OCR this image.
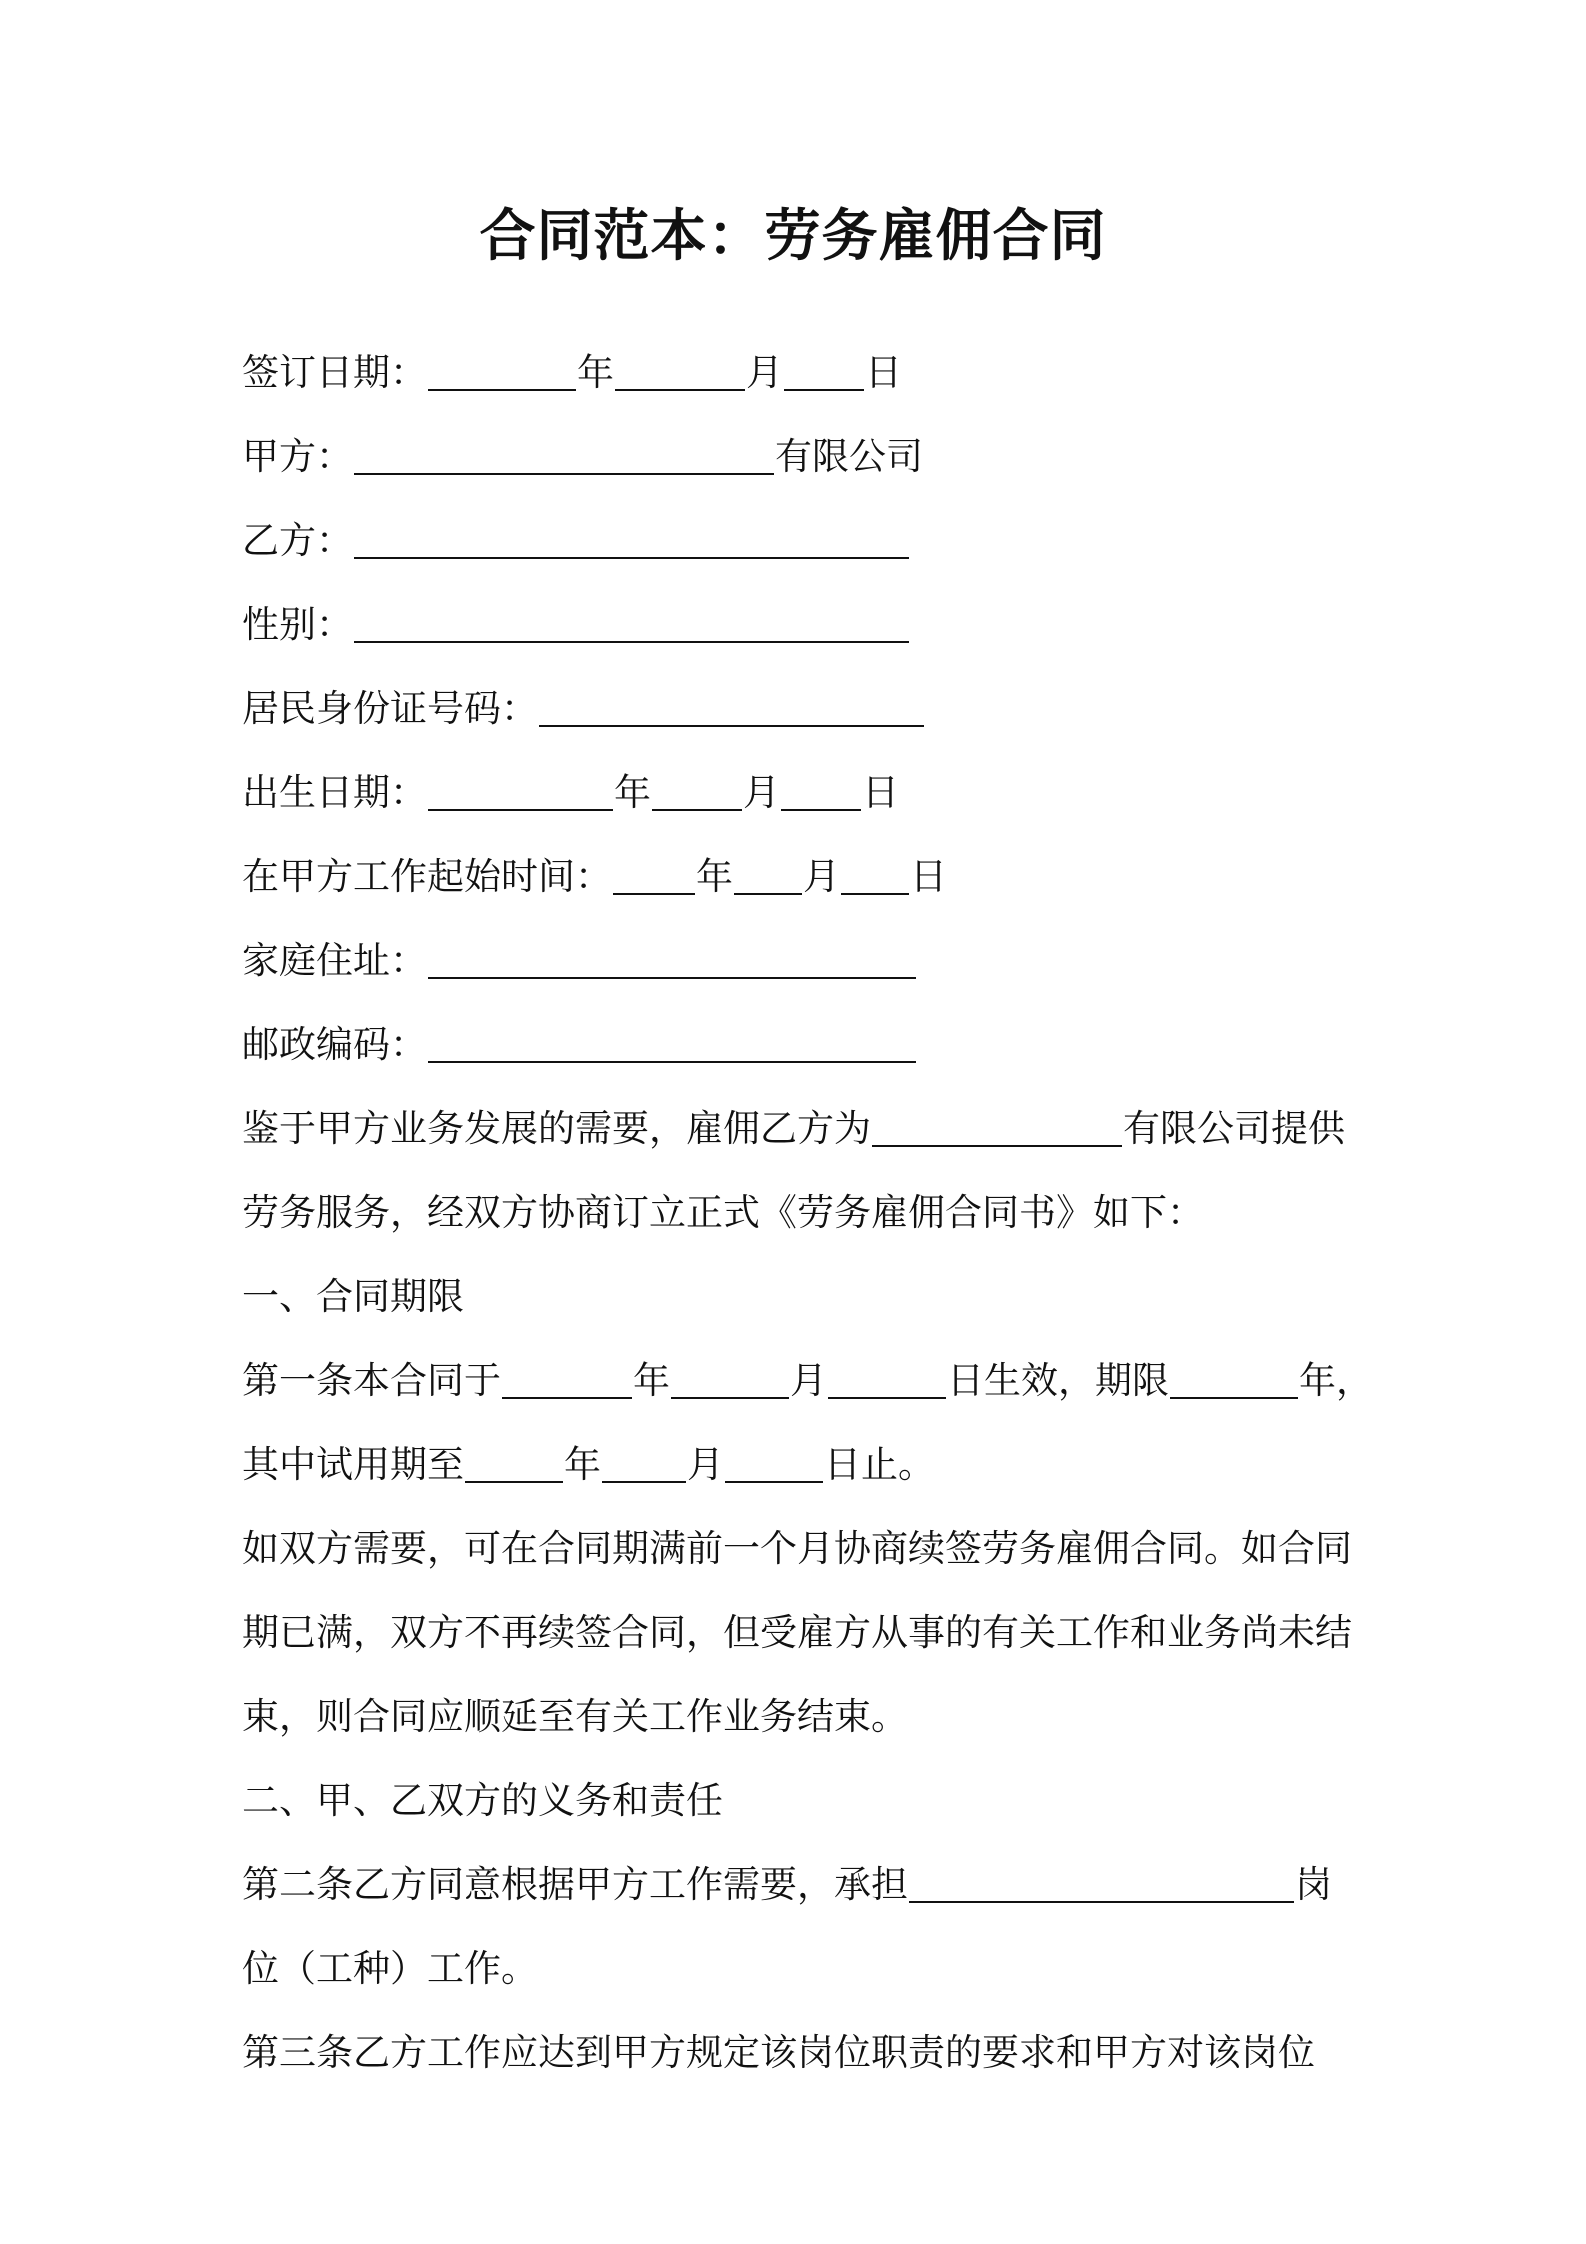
合同范本：劳务雇佣合同
签订日期：	年	月 日
甲方：	有限公司
乙方：
性别：
居民身份证号码：
出生日期：	年 月 日
在甲方工作起始时间： 年 月 日
家庭住址：
邮政编码：
鉴于甲方业务发展的需要，雇佣乙方为	有限公司提供
劳务服务，经双方协商订立正式《劳务雇佣合同书》如下：
一、合同期限
第一条本合同于	年	月	日生效，期限	年，
其中试用期至	年 月	日止。
如双方需要，可在合同期满前一个月协商续签劳务雇佣合同。如合同
期已满，双方不再续签合同，但受雇方从事的有关工作和业务尚未结
束，则合同应顺延至有关工作业务结束。
二、甲、乙双方的义务和责任
第二条乙方同意根据甲方工作需要，承担	岗
位（工种）工作。
第三条乙方工作应达到甲方规定该岗位职责的要求和甲方对该岗位
